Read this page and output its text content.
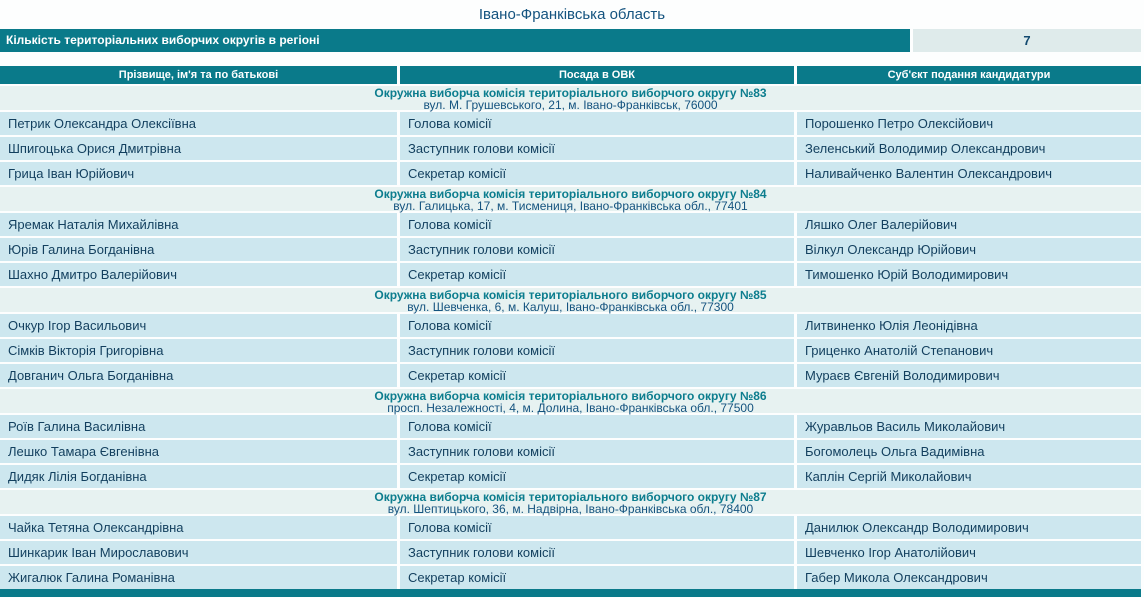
Івано-Франківська область
Кількість територіальних виборчих округів в регіоні	7
Прізвище, ім'я та по батькові	Посада в ОВК	Суб'єкт подання кандидатури
Окружна виборча комісія територіального виборчого округу №83
вул. М. Грушевського, 21, м. Івано-Франківськ, 76000
Петрик Олександра Олексіївна	Голова комісії	Порошенко Петро Олексійович
Шпигоцька Орися Дмитрівна	Заступник голови комісії	Зеленський Володимир Олександрович
Грица Іван Юрійович	Секретар комісії	Наливайченко Валентин Олександрович
Окружна виборча комісія територіального виборчого округу №84
вул. Галицька, 17, м. Тисмениця, Івано-Франківська обл., 77401
Яремак Наталія Михайлівна	Голова комісії	Ляшко Олег Валерійович
Юрів Галина Богданівна	Заступник голови комісії	Вілкул Олександр Юрійович
Шахно Дмитро Валерійович	Секретар комісії	Тимошенко Юрій Володимирович
Окружна виборча комісія територіального виборчого округу №85
вул. Шевченка, 6, м. Калуш, Івано-Франківська обл., 77300
Очкур Ігор Васильович	Голова комісії	Литвиненко Юлія Леонідівна
Сімків Вікторія Григорівна	Заступник голови комісії	Гриценко Анатолій Степанович
Довганич Ольга Богданівна	Секретар комісії	Мураєв Євгеній Володимирович
Окружна виборча комісія територіального виборчого округу №86
просп. Незалежності, 4, м. Долина, Івано-Франківська обл., 77500
Роїв Галина Василівна	Голова комісії	Журавльов Василь Миколайович
Лешко Тамара Євгенівна	Заступник голови комісії	Богомолець Ольга Вадимівна
Дидяк Лілія Богданівна	Секретар комісії	Каплін Сергій Миколайович
Окружна виборча комісія територіального виборчого округу №87
вул. Шептицького, 36, м. Надвірна, Івано-Франківська обл., 78400
Чайка Тетяна Олександрівна	Голова комісії	Данилюк Олександр Володимирович
Шинкарик Іван Мирославович	Заступник голови комісії	Шевченко Ігор Анатолійович
Жигалюк Галина Романівна	Секретар комісії	Габер Микола Олександрович
